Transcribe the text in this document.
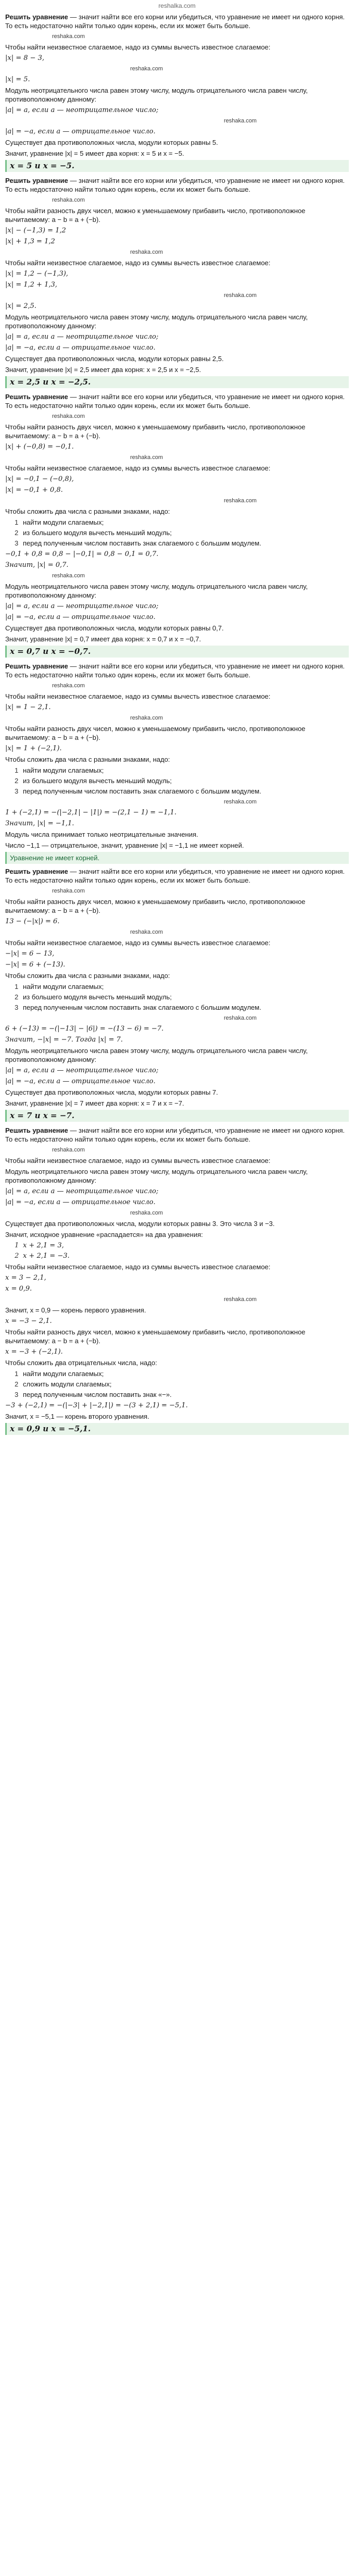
reshalka.com
Решить уравнение — значит найти все его корни или убедиться, что уравнение не имеет ни одного корня. То есть недостаточно найти только один корень, если их может быть больше.
reshaka.com
Чтобы найти неизвестное слагаемое, надо из суммы вычесть известное слагаемое:
|x| = 8 − 3,
reshaka.com
|x| = 5.
Модуль неотрицательного числа равен этому числу, модуль отрицательного числа равен числу, противоположному данному:
|a| = a, если a — неотрицательное число;
reshaka.com
|a| = −a, если a — отрицательное число.
Существует два противоположных числа, модули которых равны 5.
Значит, уравнение |x| = 5 имеет два корня: x = 5 и x = −5.
x = 5 и x = −5.
Решить уравнение — значит найти все его корни или убедиться, что уравнение не имеет ни одного корня. То есть недостаточно найти только один корень, если их может быть больше.
reshaka.com
Чтобы найти разность двух чисел, можно к уменьшаемому прибавить число, противоположное вычитаемому: a − b = a + (−b).
|x| − (−1,3) = 1,2
|x| + 1,3 = 1,2
reshaka.com
Чтобы найти неизвестное слагаемое, надо из суммы вычесть известное слагаемое:
|x| = 1,2 − (−1,3),
|x| = 1,2 + 1,3,
reshaka.com
|x| = 2,5.
Модуль неотрицательного числа равен этому числу, модуль отрицательного числа равен числу, противоположному данному:
|a| = a, если a — неотрицательное число;
|a| = −a, если a — отрицательное число.
Существует два противоположных числа, модули которых равны 2,5.
Значит, уравнение |x| = 2,5 имеет два корня: x = 2,5 и x = −2,5.
x = 2,5 и x = −2,5.
Решить уравнение — значит найти все его корни или убедиться, что уравнение не имеет ни одного корня. То есть недостаточно найти только один корень, если их может быть больше.
reshaka.com
Чтобы найти разность двух чисел, можно к уменьшаемому прибавить число, противоположное вычитаемому: a − b = a + (−b).
|x| + (−0,8) = −0,1.
reshaka.com
Чтобы найти неизвестное слагаемое, надо из суммы вычесть известное слагаемое:
|x| = −0,1 − (−0,8),
|x| = −0,1 + 0,8.
reshaka.com
Чтобы сложить два числа с разными знаками, надо:
1 найти модули слагаемых;
2 из большего модуля вычесть меньший модуль;
3 перед полученным числом поставить знак слагаемого с большим модулем.
−0,1 + 0,8 = 0,8 − |−0,1| = 0,8 − 0,1 = 0,7.
Значит, |x| = 0,7.
reshaka.com
Модуль неотрицательного числа равен этому числу, модуль отрицательного числа равен числу, противоположному данному:
|a| = a, если a — неотрицательное число;
|a| = −a, если a — отрицательное число.
Существует два противоположных числа, модули которых равны 0,7.
Значит, уравнение |x| = 0,7 имеет два корня: x = 0,7 и x = −0,7.
x = 0,7 и x = −0,7.
Решить уравнение — значит найти все его корни или убедиться, что уравнение не имеет ни одного корня. То есть недостаточно найти только один корень, если их может быть больше.
reshaka.com
Чтобы найти неизвестное слагаемое, надо из суммы вычесть известное слагаемое:
|x| = 1 − 2,1.
reshaka.com
Чтобы найти разность двух чисел, можно к уменьшаемому прибавить число, противоположное вычитаемому: a − b = a + (−b).
|x| = 1 + (−2,1).
Чтобы сложить два числа с разными знаками, надо:
1 найти модули слагаемых;
2 из большего модуля вычесть меньший модуль;
3 перед полученным числом поставить знак слагаемого с большим модулем.
reshaka.com
1 + (−2,1) = −(|−2,1| − |1|) = −(2,1 − 1) = −1,1.
Значит, |x| = −1,1.
Модуль числа принимает только неотрицательные значения.
Число −1,1 — отрицательное, значит, уравнение |x| = −1,1 не имеет корней.
Уравнение не имеет корней.
Решить уравнение — значит найти все его корни или убедиться, что уравнение не имеет ни одного корня. То есть недостаточно найти только один корень, если их может быть больше.
reshaka.com
Чтобы найти разность двух чисел, можно к уменьшаемому прибавить число, противоположное вычитаемому: a − b = a + (−b).
13 − (−|x|) = 6.
reshaka.com
Чтобы найти неизвестное слагаемое, надо из суммы вычесть известное слагаемое:
−|x| = 6 − 13,
−|x| = 6 + (−13).
Чтобы сложить два числа с разными знаками, надо:
1 найти модули слагаемых;
2 из большего модуля вычесть меньший модуль;
3 перед полученным числом поставить знак слагаемого с большим модулем.
reshaka.com
6 + (−13) = −(|−13| − |6|) = −(13 − 6) = −7.
Значит, −|x| = −7. Тогда |x| = 7.
Модуль неотрицательного числа равен этому числу, модуль отрицательного числа равен числу, противоположному данному:
|a| = a, если a — неотрицательное число;
|a| = −a, если a — отрицательное число.
Существует два противоположных числа, модули которых равны 7.
Значит, уравнение |x| = 7 имеет два корня: x = 7 и x = −7.
x = 7 и x = −7.
Решить уравнение — значит найти все его корни или убедиться, что уравнение не имеет ни одного корня. То есть недостаточно найти только один корень, если их может быть больше.
reshaka.com
Чтобы найти неизвестное слагаемое, надо из суммы вычесть известное слагаемое:
Модуль неотрицательного числа равен этому числу, модуль отрицательного числа равен числу, противоположному данному:
|a| = a, если a — неотрицательное число;
|a| = −a, если a — отрицательное число.
reshaka.com
Существует два противоположных числа, модули которых равны 3. Это числа 3 и −3.
Значит, исходное уравнение «распадается» на два уравнения:
1 x + 2,1 = 3,
2 x + 2,1 = −3.
Чтобы найти неизвестное слагаемое, надо из суммы вычесть известное слагаемое:
x = 3 − 2,1,
x = 0,9.
reshaka.com
Значит, x = 0,9 — корень первого уравнения.
x = −3 − 2,1.
Чтобы найти разность двух чисел, можно к уменьшаемому прибавить число, противоположное вычитаемому: a − b = a + (−b).
x = −3 + (−2,1).
Чтобы сложить два отрицательных числа, надо:
1 найти модули слагаемых;
2 сложить модули слагаемых;
3 перед полученным числом поставить знак «−».
−3 + (−2,1) = −(|−3| + |−2,1|) = −(3 + 2,1) = −5,1.
Значит, x = −5,1 — корень второго уравнения.
x = 0,9 и x = −5,1.
